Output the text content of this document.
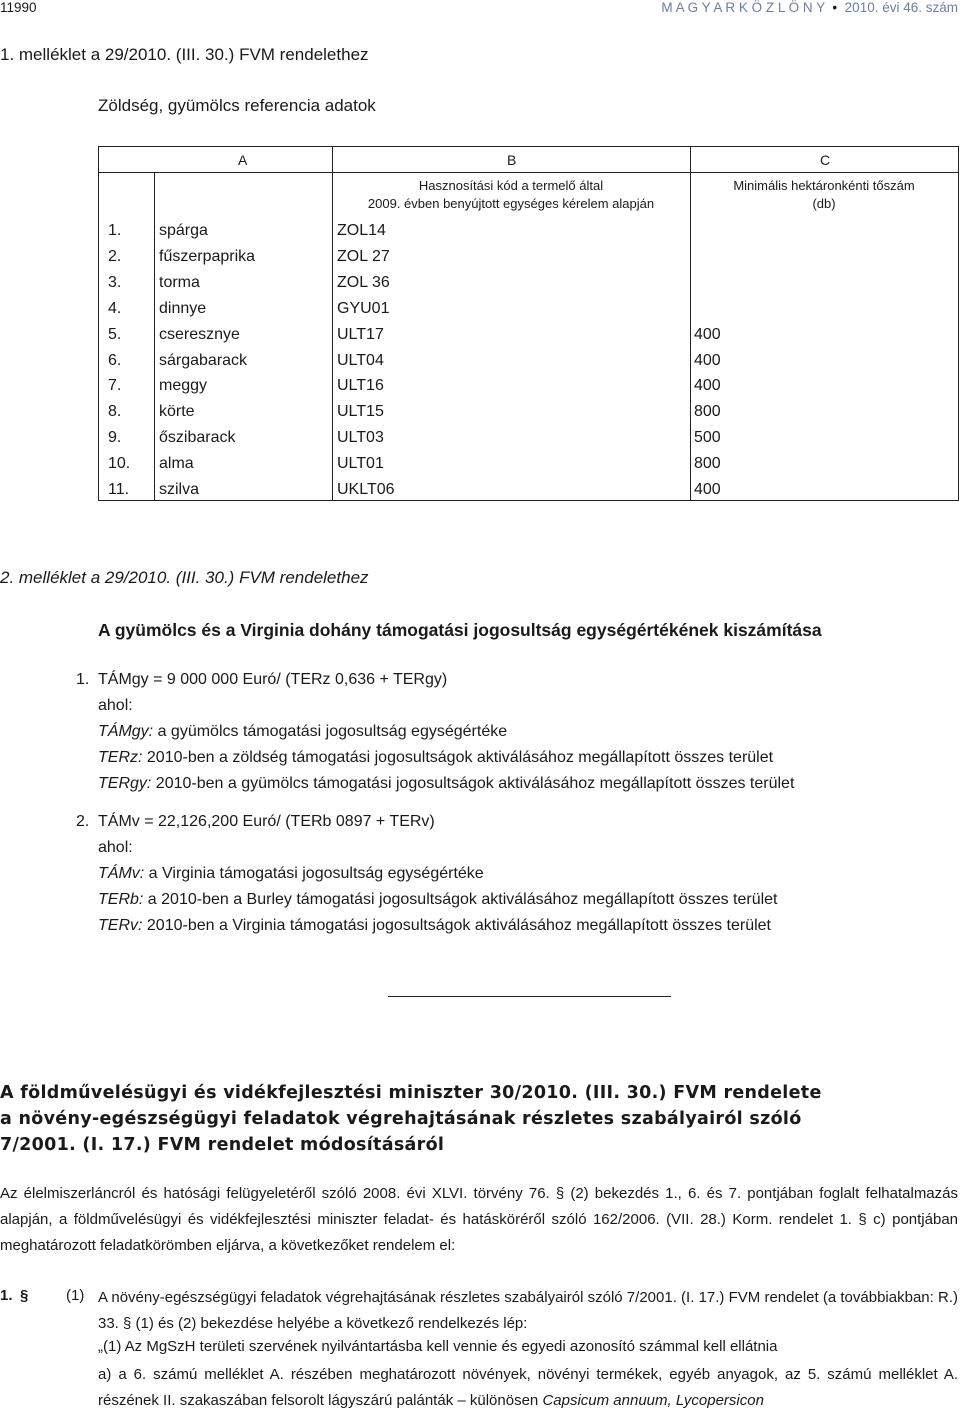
11990	M A G Y A R K Ö Z L Ö N Y  •  2010. évi 46. szám
1. melléklet a 29/2010. (III. 30.) FVM rendelethez
Zöldség, gyümölcs referencia adatok
A	B	C
Hasznosítási kód a termelő által
2009. évben benyújtott egységes kérelem alapján
Minimális hektáronkénti tőszám
(db)
1. spárga	ZOL14
2. fűszerpaprika	ZOL 27
3. torma	ZOL 36
4. dinnye	GYU01
5. cseresznye	ULT17	400
6. sárgabarack	ULT04	400
7. meggy	ULT16	400
8. körte	ULT15	800
9. őszibarack	ULT03	500
10. alma	ULT01	800
11. szilva	UKLT06	400
2. melléklet a 29/2010. (III. 30.) FVM rendelethez
A gyümölcs és a Virginia dohány támogatási jogosultság egységértékének kiszámítása
1. TÁMgy = 9 000 000 Euró/ (TERz 0,636 + TERgy)
ahol:
TÁMgy: a gyümölcs támogatási jogosultság egységértéke
TERz: 2010-ben a zöldség támogatási jogosultságok aktiválásához megállapított összes terület
TERgy: 2010-ben a gyümölcs támogatási jogosultságok aktiválásához megállapított összes terület
2. TÁMv = 22,126,200 Euró/ (TERb 0897 + TERv)
ahol:
TÁMv: a Virginia támogatási jogosultság egységértéke
TERb: a 2010-ben a Burley támogatási jogosultságok aktiválásához megállapított összes terület
TERv: 2010-ben a Virginia támogatási jogosultságok aktiválásához megállapított összes terület
A földművelésügyi és vidékfejlesztési miniszter 30/2010. (III. 30.) FVM rendelete
a növény-egészségügyi feladatok végrehajtásának részletes szabályairól szóló
7/2001. (I. 17.) FVM rendelet módosításáról
Az élelmiszerláncról és hatósági felügyeletéről szóló 2008. évi XLVI. törvény 76. § (2) bekezdés 1., 6. és 7. pontjában foglalt felhatalmazás alapján, a földművelésügyi és vidékfejlesztési miniszter feladat- és hatásköréről szóló 162/2006. (VII. 28.) Korm. rendelet 1. § c) pontjában meghatározott feladatkörömben eljárva, a következőket rendelem el:
1. §	(1) A növény-egészségügyi feladatok végrehajtásának részletes szabályairól szóló 7/2001. (I. 17.) FVM rendelet (a továbbiakban: R.) 33. § (1) és (2) bekezdése helyébe a következő rendelkezés lép:
„(1) Az MgSzH területi szervének nyilvántartásba kell vennie és egyedi azonosító számmal kell ellátnia
a) a 6. számú melléklet A. részében meghatározott növények, növényi termékek, egyéb anyagok, az 5. számú melléklet A. részének II. szakaszában felsorolt lágyszárú palánták – különösen Capsicum annuum, Lycopersicon
